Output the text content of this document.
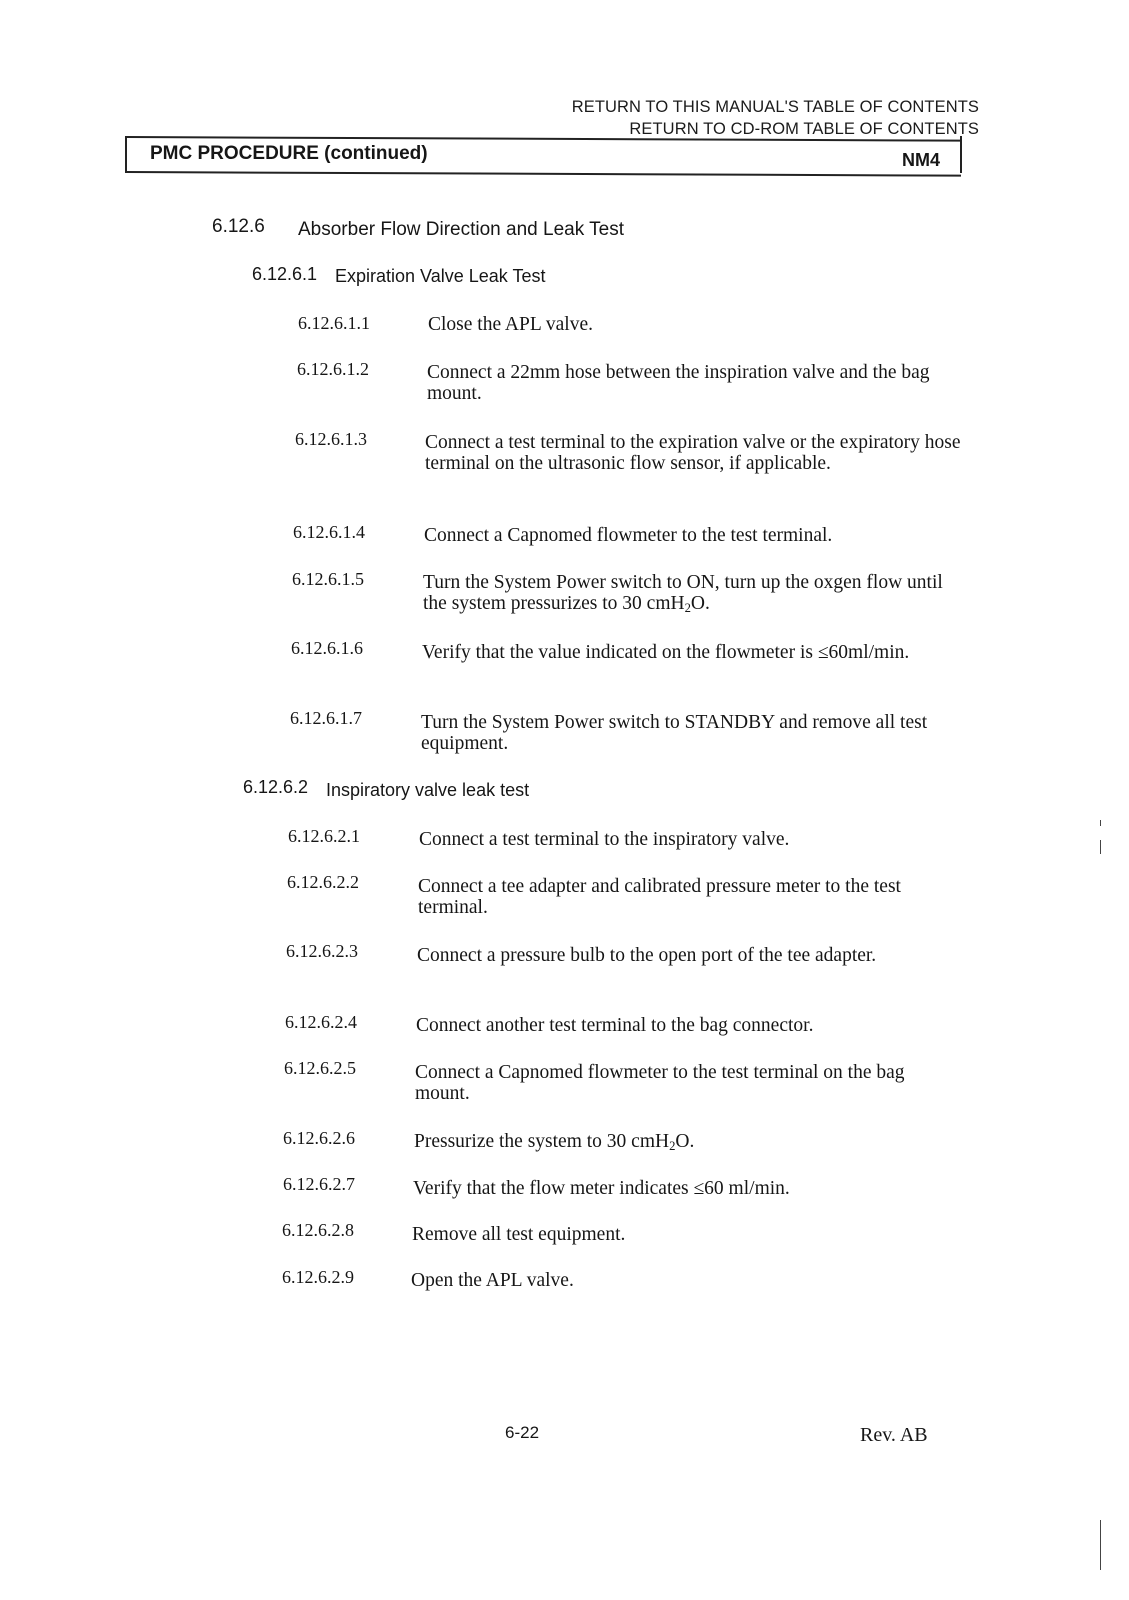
RETURN TO THIS MANUAL'S TABLE OF CONTENTS
RETURN TO CD-ROM TABLE OF CONTENTS
PMC PROCEDURE (continued)	NM4
6.12.6 Absorber Flow Direction and Leak Test
6.12.6.1 Expiration Valve Leak Test
6.12.6.1.1	Close the APL valve.
6.12.6.1.2	Connect a 22mm hose between the inspiration valve and the bag mount.
6.12.6.1.3	Connect a test terminal to the expiration valve or the expiratory hose terminal on the ultrasonic flow sensor, if applicable.
6.12.6.1.4	Connect a Capnomed flowmeter to the test terminal.
6.12.6.1.5	Turn the System Power switch to ON, turn up the oxgen flow until the system pressurizes to 30 cmH$_2$O.
6.12.6.1.6	Verify that the value indicated on the flowmeter is ≤60ml/min.
6.12.6.1.7	Turn the System Power switch to STANDBY and remove all test equipment.
6.12.6.2 Inspiratory valve leak test
6.12.6.2.1	Connect a test terminal to the inspiratory valve.
6.12.6.2.2	Connect a tee adapter and calibrated pressure meter to the test terminal.
6.12.6.2.3	Connect a pressure bulb to the open port of the tee adapter.
6.12.6.2.4	Connect another test terminal to the bag connector.
6.12.6.2.5	Connect a Capnomed flowmeter to the test terminal on the bag mount.
6.12.6.2.6	Pressurize the system to 30 cmH$_2$O.
6.12.6.2.7	Verify that the flow meter indicates ≤60 ml/min.
6.12.6.2.8	Remove all test equipment.
6.12.6.2.9	Open the APL valve.
6-22	Rev. AB
